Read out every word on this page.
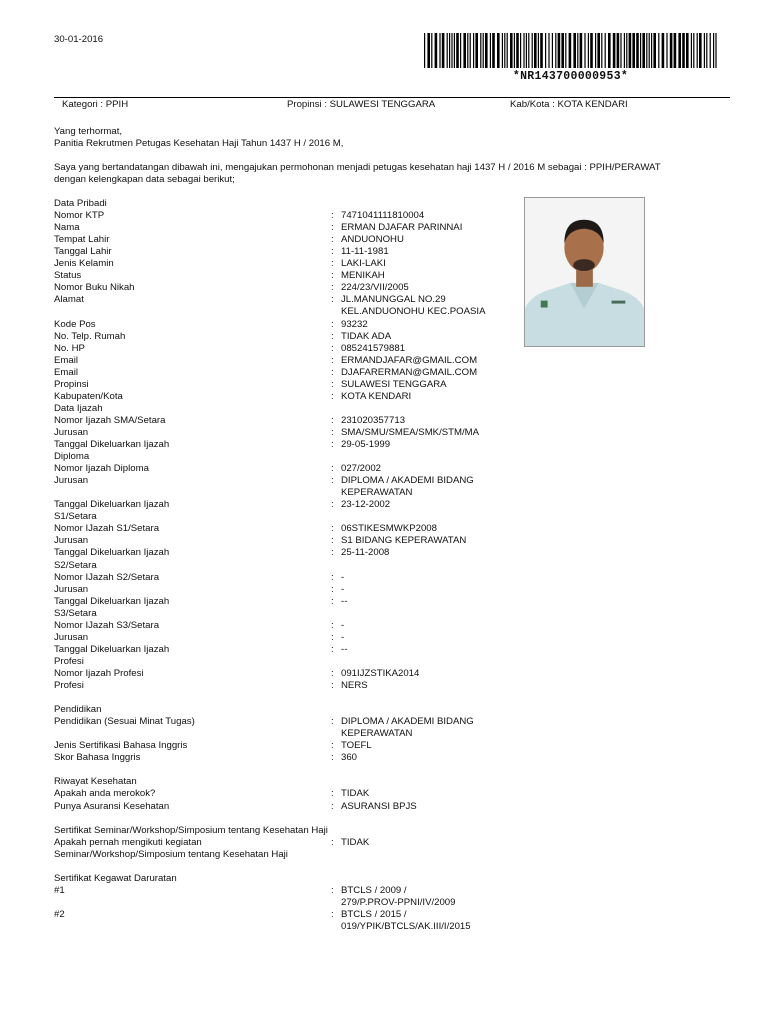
30-01-2016
*NR143700000953*
Kategori : PPIH	Propinsi : SULAWESI TENGGARA	Kab/Kota : KOTA KENDARI
Yang terhormat,
Panitia Rekrutmen Petugas Kesehatan Haji Tahun 1437 H / 2016 M,
Saya yang bertandatangan dibawah ini, mengajukan permohonan menjadi petugas kesehatan haji 1437 H / 2016 M sebagai : PPIH/PERAWAT
dengan kelengkapan data sebagai berikut;
Data Pribadi
Nomor KTP	: 7471041111810004
Nama	: ERMAN DJAFAR PARINNAI
Tempat Lahir	: ANDUONOHU
Tanggal Lahir	: 11-11-1981
Jenis Kelamin	: LAKI-LAKI
Status	: MENIKAH
Nomor Buku Nikah	: 224/23/VII/2005
Alamat	: JL.MANUNGGAL NO.29
KEL.ANDUONOHU KEC.POASIA
Kode Pos	: 93232
No. Telp. Rumah	: TIDAK ADA
No. HP	: 085241579881
Email	: ERMANDJAFAR@GMAIL.COM
Email	: DJAFARERMAN@GMAIL.COM
Propinsi	: SULAWESI TENGGARA
Kabupaten/Kota	: KOTA KENDARI
Data Ijazah
Nomor Ijazah SMA/Setara	: 231020357713
Jurusan	: SMA/SMU/SMEA/SMK/STM/MA
Tanggal Dikeluarkan Ijazah	: 29-05-1999
Diploma
Nomor Ijazah Diploma	: 027/2002
Jurusan	: DIPLOMA / AKADEMI BIDANG
KEPERAWATAN
Tanggal Dikeluarkan Ijazah	: 23-12-2002
S1/Setara
Nomor IJazah S1/Setara	: 06STIKESMWKP2008
Jurusan	: S1 BIDANG KEPERAWATAN
Tanggal Dikeluarkan Ijazah	: 25-11-2008
S2/Setara
Nomor IJazah S2/Setara	: -
Jurusan	: -
Tanggal Dikeluarkan Ijazah	: --
S3/Setara
Nomor IJazah S3/Setara	: -
Jurusan	: -
Tanggal Dikeluarkan Ijazah	: --
Profesi
Nomor Ijazah Profesi	: 091IJZSTIKA2014
Profesi	: NERS
Pendidikan
Pendidikan (Sesuai Minat Tugas)	: DIPLOMA / AKADEMI BIDANG
KEPERAWATAN
Jenis Sertifikasi Bahasa Inggris	: TOEFL
Skor Bahasa Inggris	: 360
Riwayat Kesehatan
Apakah anda merokok?	: TIDAK
Punya Asuransi Kesehatan	: ASURANSI BPJS
Sertifikat Seminar/Workshop/Simposium tentang Kesehatan Haji
Apakah pernah mengikuti kegiatan	: TIDAK
Seminar/Workshop/Simposium tentang Kesehatan Haji
Sertifikat Kegawat Daruratan
#1	: BTCLS / 2009 /
279/P.PROV-PPNI/IV/2009
#2	: BTCLS / 2015 /
019/YPIK/BTCLS/AK.III/I/2015
